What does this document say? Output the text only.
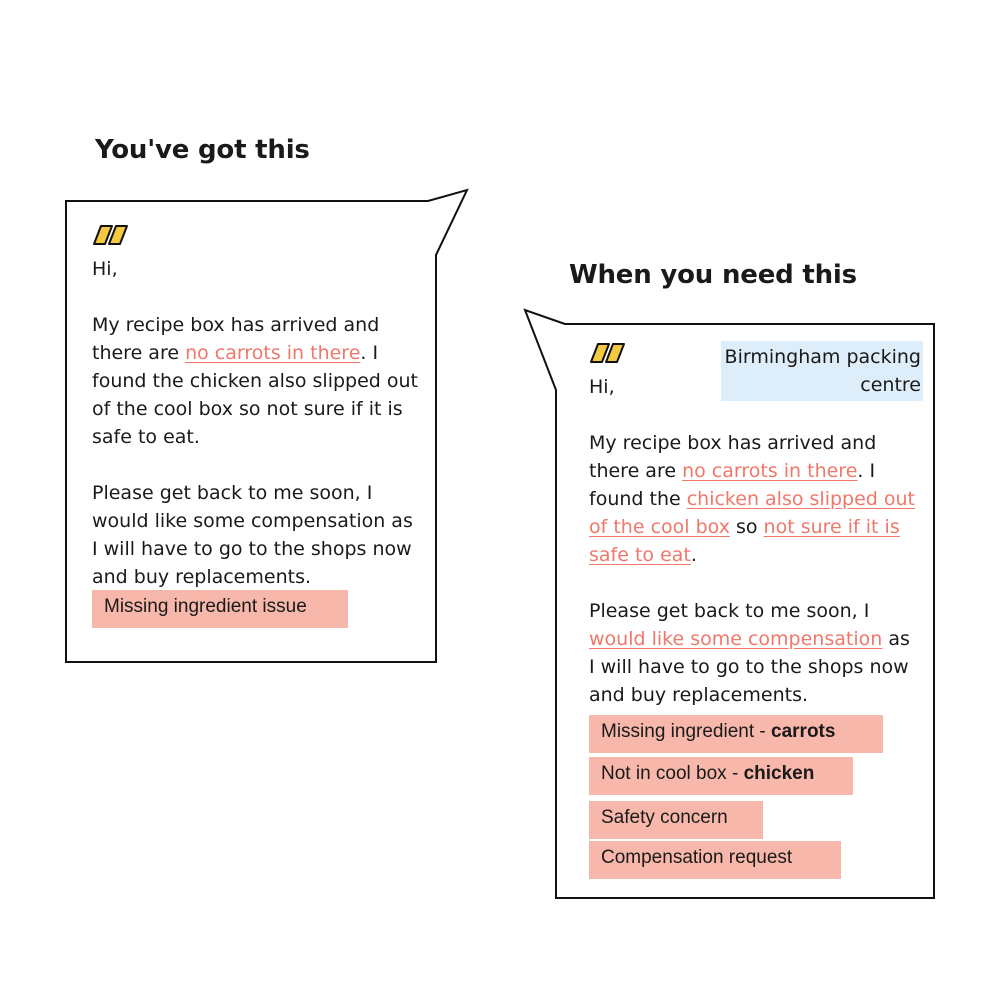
You've got this
When you need this

Hi,

My recipe box has arrived and there are no carrots in there. I found the chicken also slipped out of the cool box so not sure if it is safe to eat.

Please get back to me soon, I would like some compensation as I will have to go to the shops now and buy replacements.

Missing ingredient issue
Birmingham packing centre

Hi,

My recipe box has arrived and there are no carrots in there. I found the chicken also slipped out of the cool box so not sure if it is safe to eat.

Please get back to me soon, I would like some compensation as I will have to go to the shops now and buy replacements.

Missing ingredient - carrots
Not in cool box - chicken
Safety concern
Compensation request
